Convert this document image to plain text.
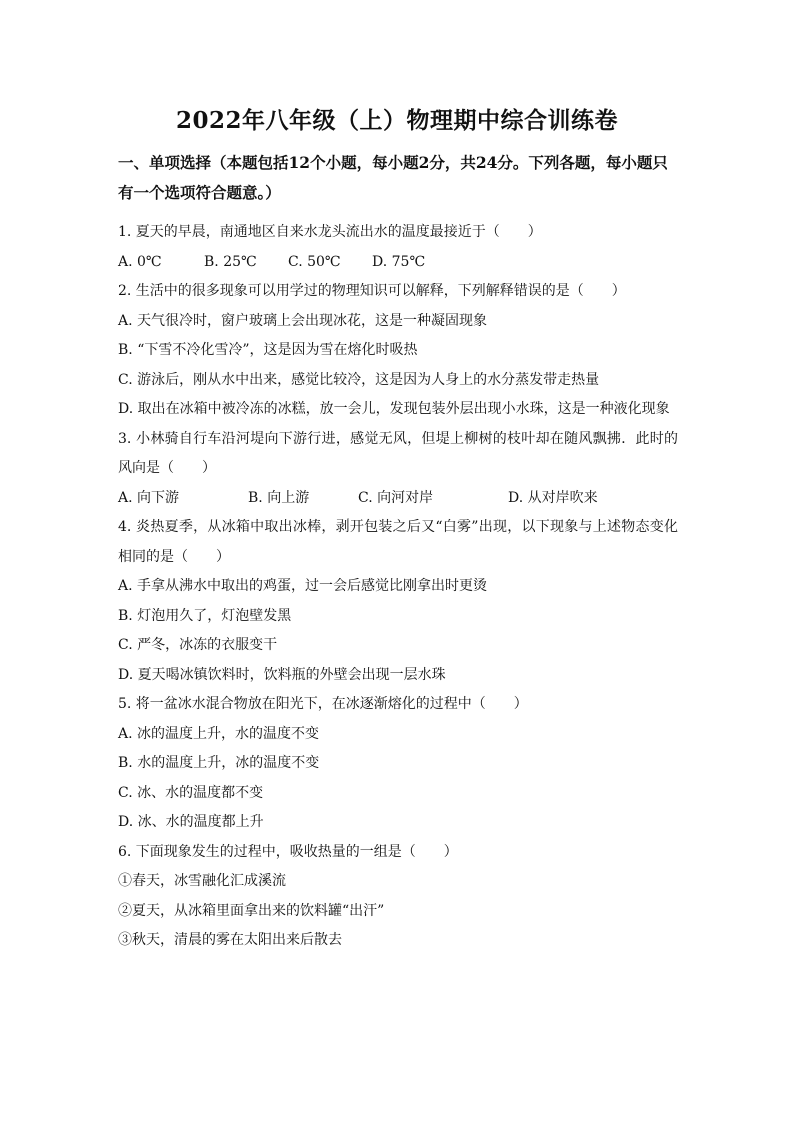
2022年八年级（上）物理期中综合训练卷
一、单项选择（本题包括12个小题，每小题2分，共24分。下列各题，每小题只有一个选项符合题意。）
1. 夏天的早晨，南通地区自来水龙头流出水的温度最接近于（　　）
A. 0℃	B. 25℃	C. 50℃	D. 75℃
2. 生活中的很多现象可以用学过的物理知识可以解释，下列解释错误的是（　　）
A. 天气很冷时，窗户玻璃上会出现冰花，这是一种凝固现象
B. “下雪不冷化雪冷”，这是因为雪在熔化时吸热
C. 游泳后，刚从水中出来，感觉比较冷，这是因为人身上的水分蒸发带走热量
D. 取出在冰箱中被冷冻的冰糕，放一会儿，发现包装外层出现小水珠，这是一种液化现象
3. 小林骑自行车沿河堤向下游行进，感觉无风，但堤上柳树的枝叶却在随风飘拂．此时的风向是（　　）
A. 向下游	B. 向上游	C. 向河对岸	D. 从对岸吹来
4. 炎热夏季，从冰箱中取出冰棒，剥开包装之后又“白雾”出现，以下现象与上述物态变化相同的是（　　）
A. 手拿从沸水中取出的鸡蛋，过一会后感觉比刚拿出时更烫
B. 灯泡用久了，灯泡壁发黑
C. 严冬，冰冻的衣服变干
D. 夏天喝冰镇饮料时，饮料瓶的外壁会出现一层水珠
5. 将一盆冰水混合物放在阳光下，在冰逐渐熔化的过程中（　　）
A. 冰的温度上升，水的温度不变
B. 水的温度上升，冰的温度不变
C. 冰、水的温度都不变
D. 冰、水的温度都上升
6. 下面现象发生的过程中，吸收热量的一组是（　　）
①春天，冰雪融化汇成溪流
②夏天，从冰箱里面拿出来的饮料罐“出汗”
③秋天，清晨的雾在太阳出来后散去
